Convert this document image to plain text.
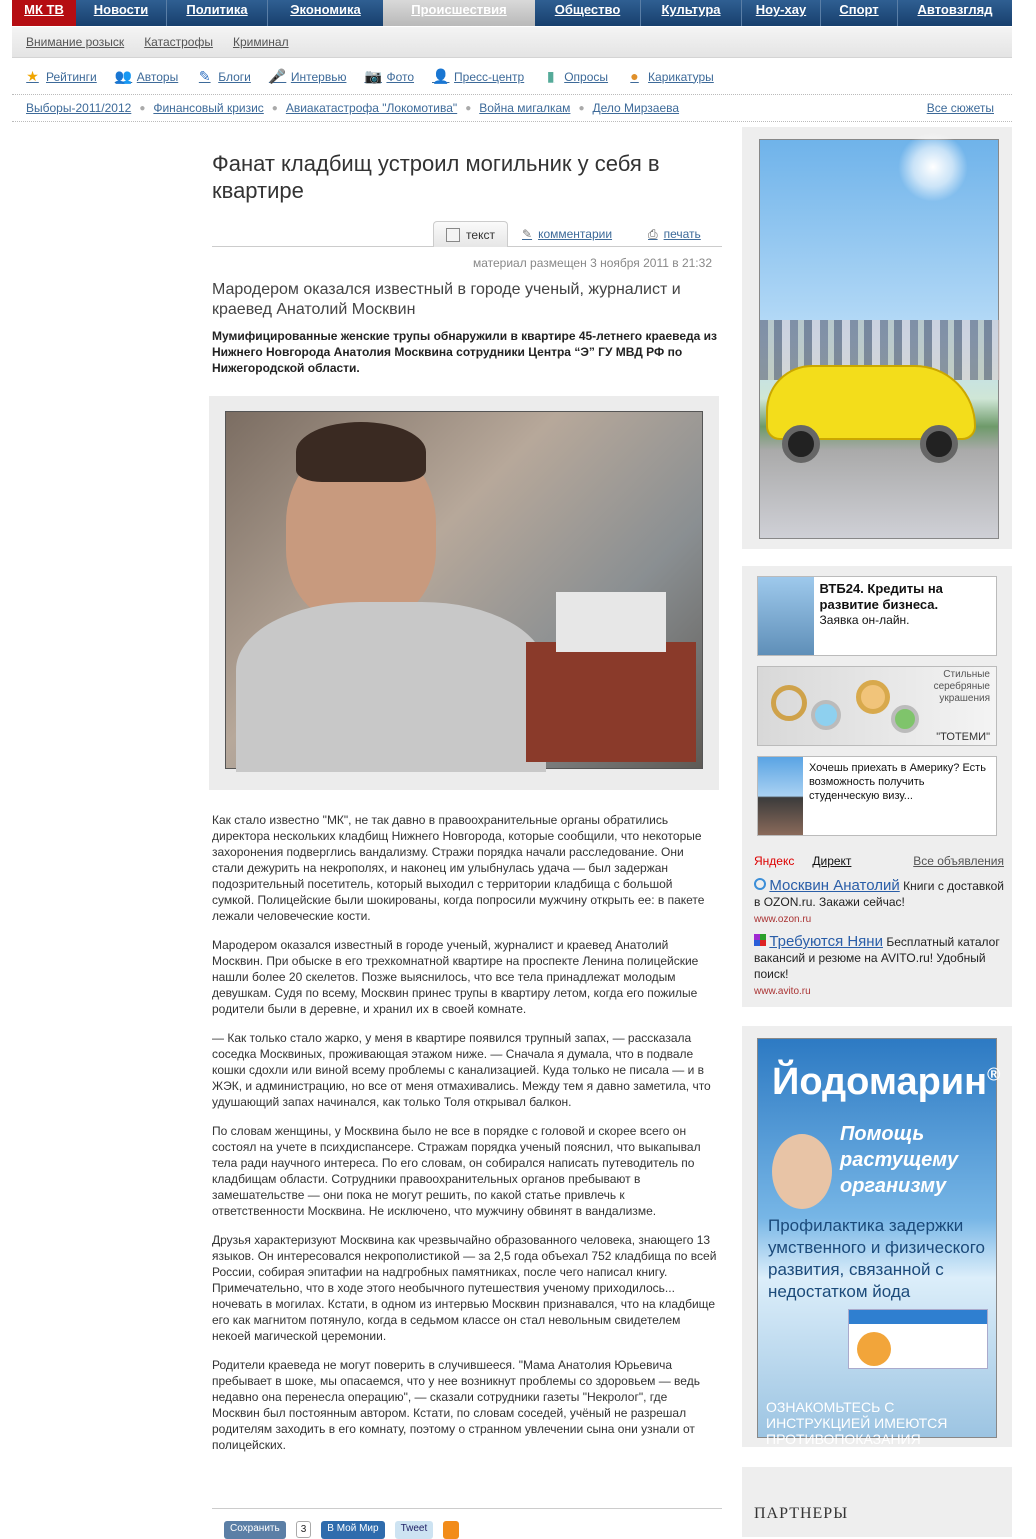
МК ТВ	Новости	Политика	Экономика	Происшествия	Общество	Культура	Ноу-хау	Спорт	Автовзгляд
Внимание розыск Катастрофы Криминал
★ Рейтинги 👥 Авторы ✎ Блоги 🎤 Интервью 📷 Фото 👤 Пресс-центр	▮ Опросы	● Карикатуры
Выборы-2011/2012 ● Финансовый кризис ● Авиакатастрофа "Локомотива" ● Война мигалкам ● Дело Мирзаева	Все сюжеты
Фанат кладбищ устроил могильник у себя в квартире
текст ✎ комментарии	⎙ печать
материал размещен 3 ноября 2011 в 21:32
Мародером оказался известный в городе ученый, журналист и краевед Анатолий Москвин
Мумифицированные женские трупы обнаружили в квартире 45-летнего краеведа из Нижнего Новгорода Анатолия Москвина сотрудники Центра “Э” ГУ МВД РФ по Нижегородской области.

Как стало известно "МК", не так давно в правоохранительные органы обратились директора нескольких кладбищ Нижнего Новгорода, которые сообщили, что некоторые захоронения подверглись вандализму. Стражи порядка начали расследование. Они стали дежурить на некрополях, и наконец им улыбнулась удача — был задержан подозрительный посетитель, который выходил с территории кладбища с большой сумкой. Полицейские были шокированы, когда попросили мужчину открыть ее: в пакете лежали человеческие кости.

Мародером оказался известный в городе ученый, журналист и краевед Анатолий Москвин. При обыске в его трехкомнатной квартире на проспекте Ленина полицейские нашли более 20 скелетов. Позже выяснилось, что все тела принадлежат молодым девушкам. Судя по всему, Москвин принес трупы в квартиру летом, когда его пожилые родители были в деревне, и хранил их в своей комнате.

— Как только стало жарко, у меня в квартире появился трупный запах, — рассказала соседка Москвиных, проживающая этажом ниже. — Сначала я думала, что в подвале кошки сдохли или виной всему проблемы с канализацией. Куда только не писала — и в ЖЭК, и администрацию, но все от меня отмахивались. Между тем я давно заметила, что удушающий запах начинался, как только Толя открывал балкон.

По словам женщины, у Москвина было не все в порядке с головой и скорее всего он состоял на учете в психдиспансере. Стражам порядка ученый пояснил, что выкапывал тела ради научного интереса. По его словам, он собирался написать путеводитель по кладбищам области. Сотрудники правоохранительных органов пребывают в замешательстве — они пока не могут решить, по какой статье привлечь к ответственности Москвина. Не исключено, что мужчину обвинят в вандализме.

Друзья характеризуют Москвина как чрезвычайно образованного человека, знающего 13 языков. Он интересовался некрополистикой — за 2,5 года объехал 752 кладбища по всей России, собирая эпитафии на надгробных памятниках, после чего написал книгу. Примечательно, что в ходе этого необычного путешествия ученому приходилось... ночевать в могилах. Кстати, в одном из интервью Москвин признавался, что на кладбище его как магнитом потянуло, когда в седьмом классе он стал невольным свидетелем некоей магической церемонии.

Родители краеведа не могут поверить в случившееся. "Мама Анатолия Юрьевича пребывает в шоке, мы опасаемся, что у нее возникнут проблемы со здоровьем — ведь недавно она перенесла операцию", — сказали сотрудники газеты "Некролог", где Москвин был постоянным автором. Кстати, по словам соседей, учёный не разрешал родителям заходить в его комнату, поэтому о странном увлечении сына они узнали от полицейских.

Сохранить	3	В Мой Мир	Tweet
ВТБ24. Кредиты на развитие бизнеса.
Заявка он-лайн.
Стильные серебряные украшения
"ТОТЕМИ"
Хочешь приехать в Америку? Есть возможность получить студенческую визу...
Яндекс Директ	Все объявления
Москвин Анатолий Книги с доставкой в OZON.ru. Закажи сейчас!
www.ozon.ru
Требуются Няни Бесплатный каталог вакансий и резюме на AVITO.ru! Удобный поиск!
www.avito.ru
Йодомарин®
Помощь растущему организму
Профилактика задержки умственного и физического развития, связанной с недостатком йода
ОЗНАКОМЬТЕСЬ С ИНСТРУКЦИЕЙ ИМЕЮТСЯ ПРОТИВОПОКАЗАНИЯ
ПАРТНЕРЫ
